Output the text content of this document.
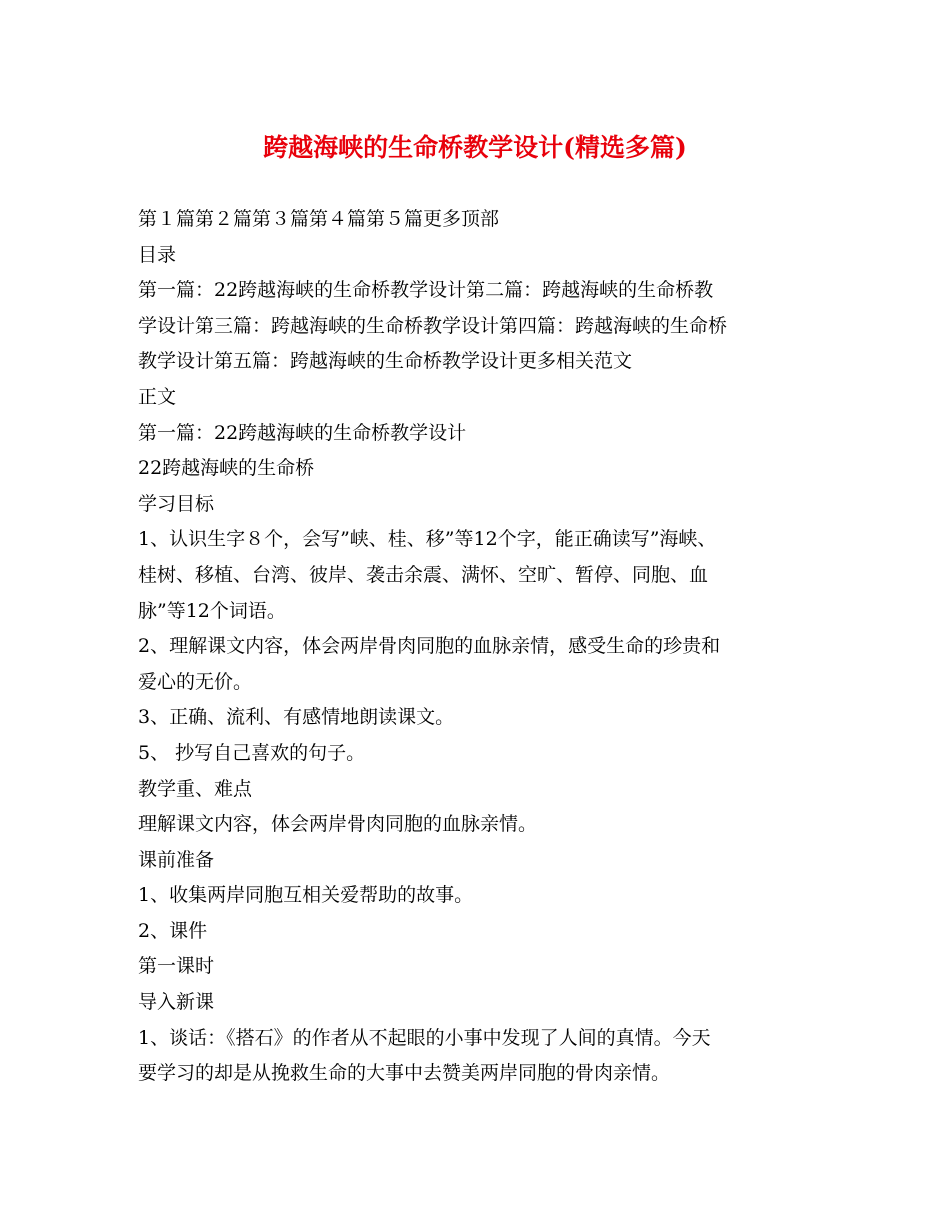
跨越海峡的生命桥教学设计(精选多篇)

第１篇第２篇第３篇第４篇第５篇更多顶部

目录

第一篇：22跨越海峡的生命桥教学设计第二篇：跨越海峡的生命桥教

学设计第三篇：跨越海峡的生命桥教学设计第四篇：跨越海峡的生命桥

教学设计第五篇：跨越海峡的生命桥教学设计更多相关范文

正文

第一篇：22跨越海峡的生命桥教学设计

22跨越海峡的生命桥

学习目标

1、认识生字８个，会写”峡、桂、移”等12个字，能正确读写”海峡、

桂树、移植、台湾、彼岸、袭击余震、满怀、空旷、暂停、同胞、血

脉”等12个词语。

2、理解课文内容，体会两岸骨肉同胞的血脉亲情，感受生命的珍贵和

爱心的无价。

3、正确、流利、有感情地朗读课文。

5、 抄写自己喜欢的句子。

教学重、难点

理解课文内容，体会两岸骨肉同胞的血脉亲情。

课前准备

1、收集两岸同胞互相关爱帮助的故事。

2、课件

第一课时

导入新课

1、谈话：《搭石》的作者从不起眼的小事中发现了人间的真情。今天

要学习的却是从挽救生命的大事中去赞美两岸同胞的骨肉亲情。
